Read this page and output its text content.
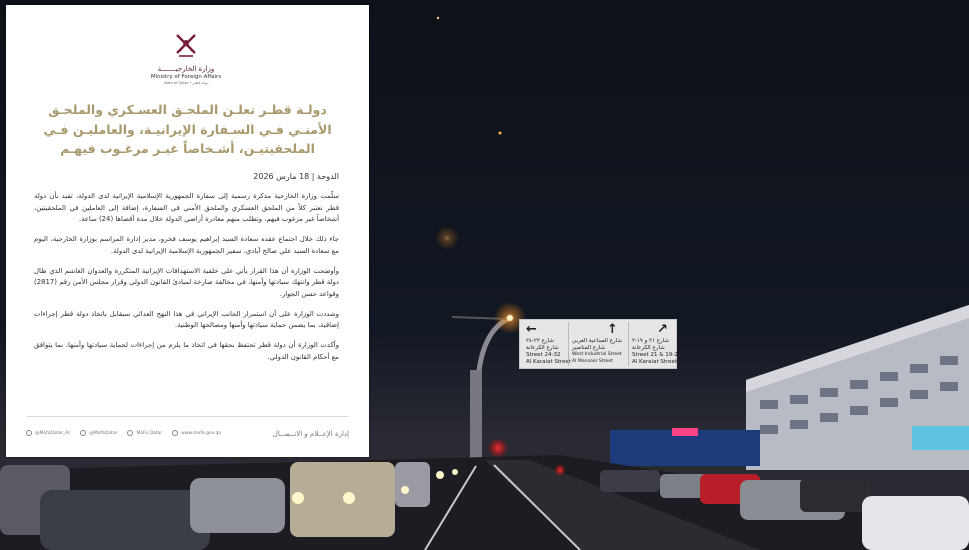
←
شارع ٢٢-٢٤
شارع الكرعانة
Street 24-32
Al Karaiat Street
↑
شارع الصناعية الغربي
شارع المناصير
West Industrial Street
Al Mansoor Street
↗
شارع ٢١ و ١٩-٢
شارع الكرعانة
Street 21 & 19-2
Al Karaiat Street
وزارة الخارجيـــــــة
Ministry of Foreign Affairs
State of Qatar • دولـة قطـر
دولـة قطـر تعلـن الملحـق العسـكري والملحـق الأمنـي فـي السـفارة الإيرانيـة، والعامليـن فـي الملحقيتيـن، أشـخاصاً غيـر مرغـوب فيهـم
الدوحة | 18 مارس 2026

سلّمت وزارة الخارجية مذكرة رسمية إلى سفارة الجمهورية الإسلامية الإيرانية لدى الدولة، تفيد بأن دولة قطر تعتبر كلاً من الملحق العسكري والملحق الأمني في السفارة، إضافة إلى العاملين في الملحقيتين، أشخاصاً غير مرغوب فيهم، وتطلب منهم مغادرة أراضي الدولة خلال مدة أقصاها (24) ساعة.

جاء ذلك خلال اجتماع عقده سعادة السيد إبراهيم يوسف فخرو، مدير إدارة المراسم بوزارة الخارجية، اليوم مع سعادة السيد علي صالح آبادي، سفير الجمهورية الإسلامية الإيرانية لدى الدولة.

وأوضحت الوزارة أن هذا القرار يأتي على خلفية الاستهدافات الإيرانية المتكررة والعدوان الغاشم الذي طال دولة قطر وانتهك سيادتها وأمنها، في مخالفة صارخة لمبادئ القانون الدولي وقرار مجلس الأمن رقم (2817) وقواعد حسن الجوار.

وشددت الوزارة على أن استمرار الجانب الإيراني في هذا النهج العدائي سيقابل باتخاذ دولة قطر إجراءات إضافية، بما يضمن حماية سيادتها وأمنها ومصالحها الوطنية.

وأكدت الوزارة أن دولة قطر تحتفظ بحقها في اتخاذ ما يلزم من إجراءات لحماية سيادتها وأمنها، بما يتوافق مع أحكام القانون الدولي.

إدارة الإعــلام و الاتــصــال
@MofaQatar_Ar	@MofaQatar	MoFa Qatar	www.mofa.gov.qa
